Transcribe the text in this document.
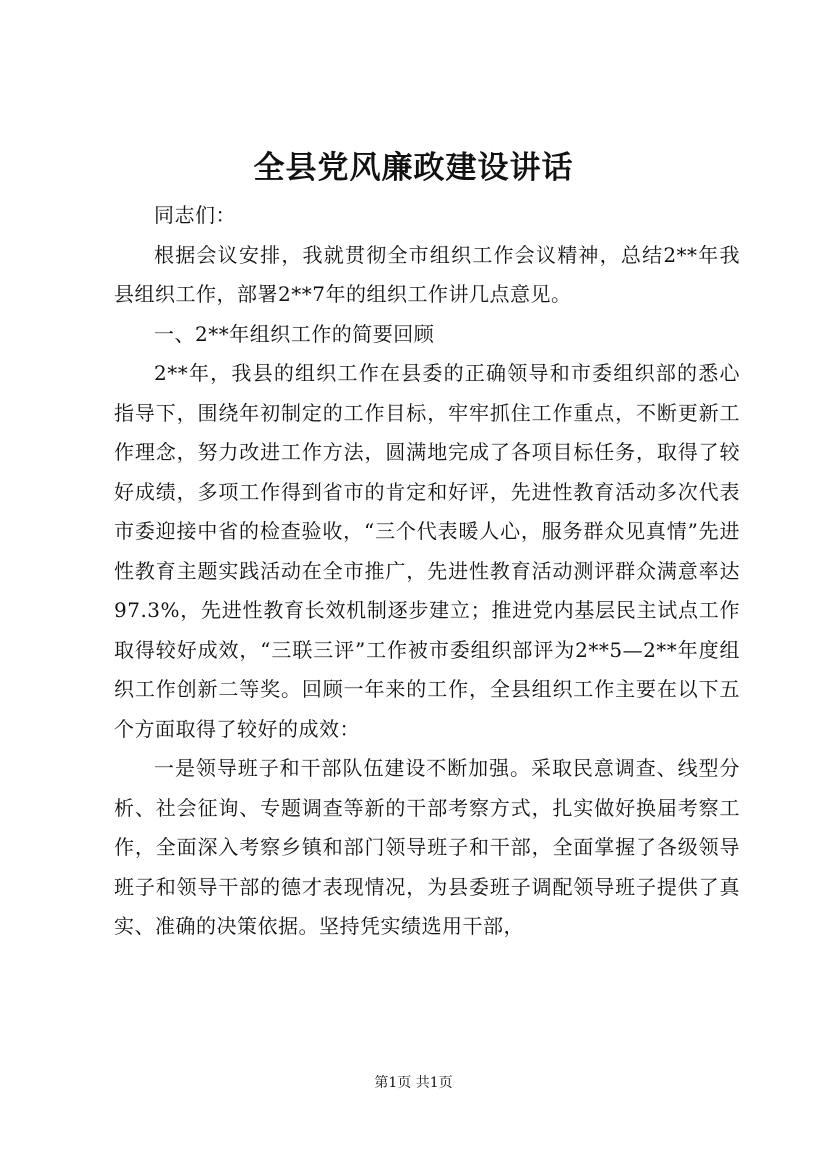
全县党风廉政建设讲话

同志们：

根据会议安排，我就贯彻全市组织工作会议精神，总结2**年我县组织工作，部署2**7年的组织工作讲几点意见。

一、2**年组织工作的简要回顾

2**年，我县的组织工作在县委的正确领导和市委组织部的悉心指导下，围绕年初制定的工作目标，牢牢抓住工作重点，不断更新工作理念，努力改进工作方法，圆满地完成了各项目标任务，取得了较好成绩，多项工作得到省市的肯定和好评，先进性教育活动多次代表市委迎接中省的检查验收，“三个代表暖人心，服务群众见真情”先进性教育主题实践活动在全市推广，先进性教育活动测评群众满意率达97.3%，先进性教育长效机制逐步建立；推进党内基层民主试点工作取得较好成效，“三联三评”工作被市委组织部评为2**5—2**年度组织工作创新二等奖。回顾一年来的工作，全县组织工作主要在以下五个方面取得了较好的成效：

一是领导班子和干部队伍建设不断加强。采取民意调查、线型分析、社会征询、专题调查等新的干部考察方式，扎实做好换届考察工作，全面深入考察乡镇和部门领导班子和干部，全面掌握了各级领导班子和领导干部的德才表现情况，为县委班子调配领导班子提供了真实、准确的决策依据。坚持凭实绩选用干部，

第1页 共1页
